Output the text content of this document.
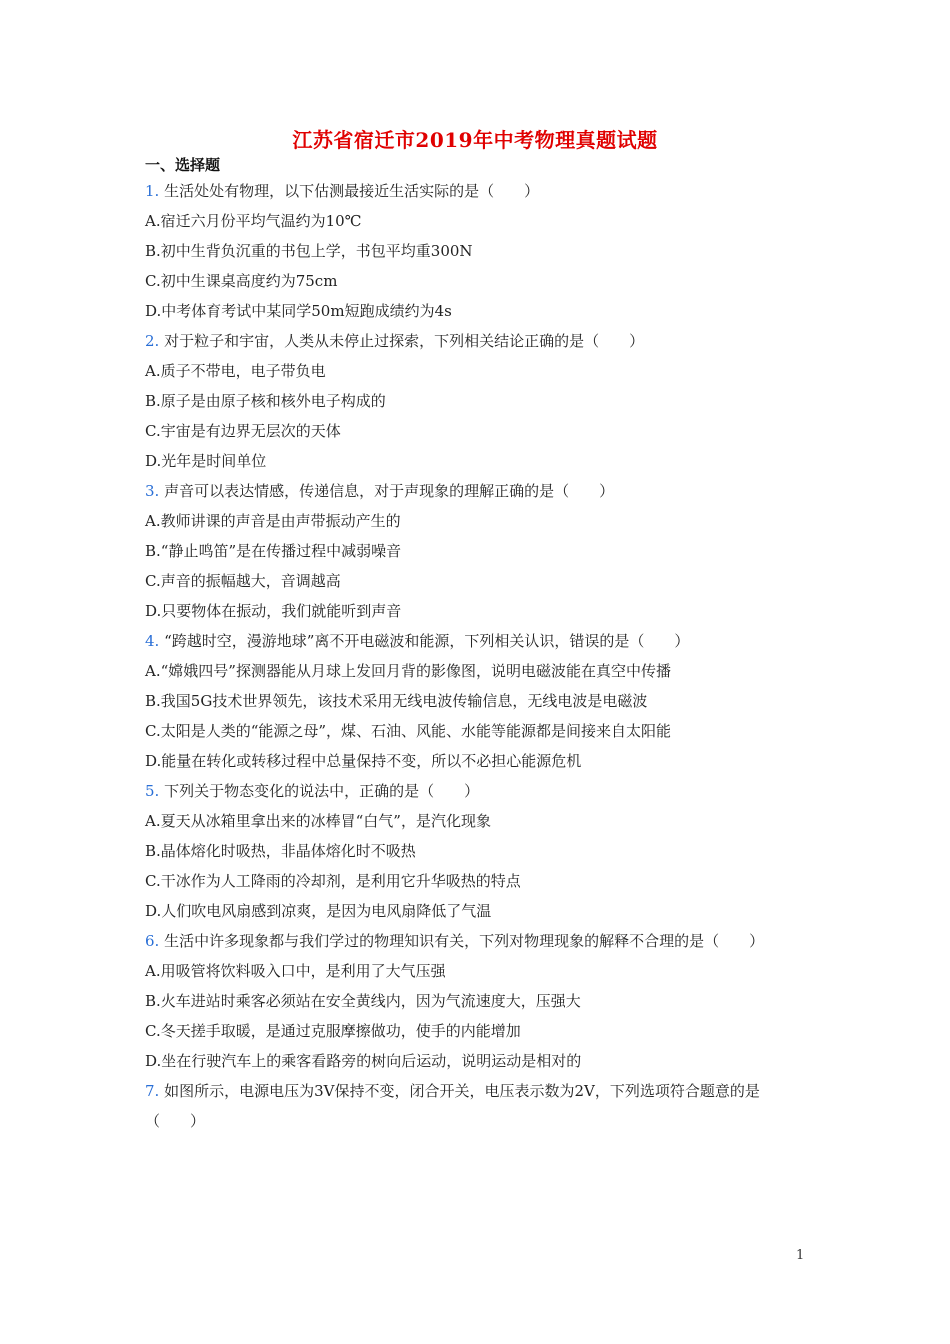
江苏省宿迁市2019年中考物理真题试题
一、选择题
1. 生活处处有物理，以下估测最接近生活实际的是（　　）
A.宿迁六月份平均气温约为10℃
B.初中生背负沉重的书包上学，书包平均重300N
C.初中生课桌高度约为75cm
D.中考体育考试中某同学50m短跑成绩约为4s
2. 对于粒子和宇宙，人类从未停止过探索，下列相关结论正确的是（　　）
A.质子不带电，电子带负电
B.原子是由原子核和核外电子构成的
C.宇宙是有边界无层次的天体
D.光年是时间单位
3. 声音可以表达情感，传递信息，对于声现象的理解正确的是（　　）
A.教师讲课的声音是由声带振动产生的
B.“静止鸣笛”是在传播过程中减弱噪音
C.声音的振幅越大，音调越高
D.只要物体在振动，我们就能听到声音
4. “跨越时空，漫游地球”离不开电磁波和能源，下列相关认识，错误的是（　　）
A.“嫦娥四号”探测器能从月球上发回月背的影像图，说明电磁波能在真空中传播
B.我国5G技术世界领先，该技术采用无线电波传输信息，无线电波是电磁波
C.太阳是人类的“能源之母”，煤、石油、风能、水能等能源都是间接来自太阳能
D.能量在转化或转移过程中总量保持不变，所以不必担心能源危机
5. 下列关于物态变化的说法中，正确的是（　　）
A.夏天从冰箱里拿出来的冰棒冒“白气”，是汽化现象
B.晶体熔化时吸热，非晶体熔化时不吸热
C.干冰作为人工降雨的冷却剂，是利用它升华吸热的特点
D.人们吹电风扇感到凉爽，是因为电风扇降低了气温
6. 生活中许多现象都与我们学过的物理知识有关，下列对物理现象的解释不合理的是（　　）
A.用吸管将饮料吸入口中，是利用了大气压强
B.火车进站时乘客必须站在安全黄线内，因为气流速度大，压强大
C.冬天搓手取暖，是通过克服摩擦做功，使手的内能增加
D.坐在行驶汽车上的乘客看路旁的树向后运动，说明运动是相对的
7. 如图所示，电源电压为3V保持不变，闭合开关，电压表示数为2V，下列选项符合题意的是（　　）
1
